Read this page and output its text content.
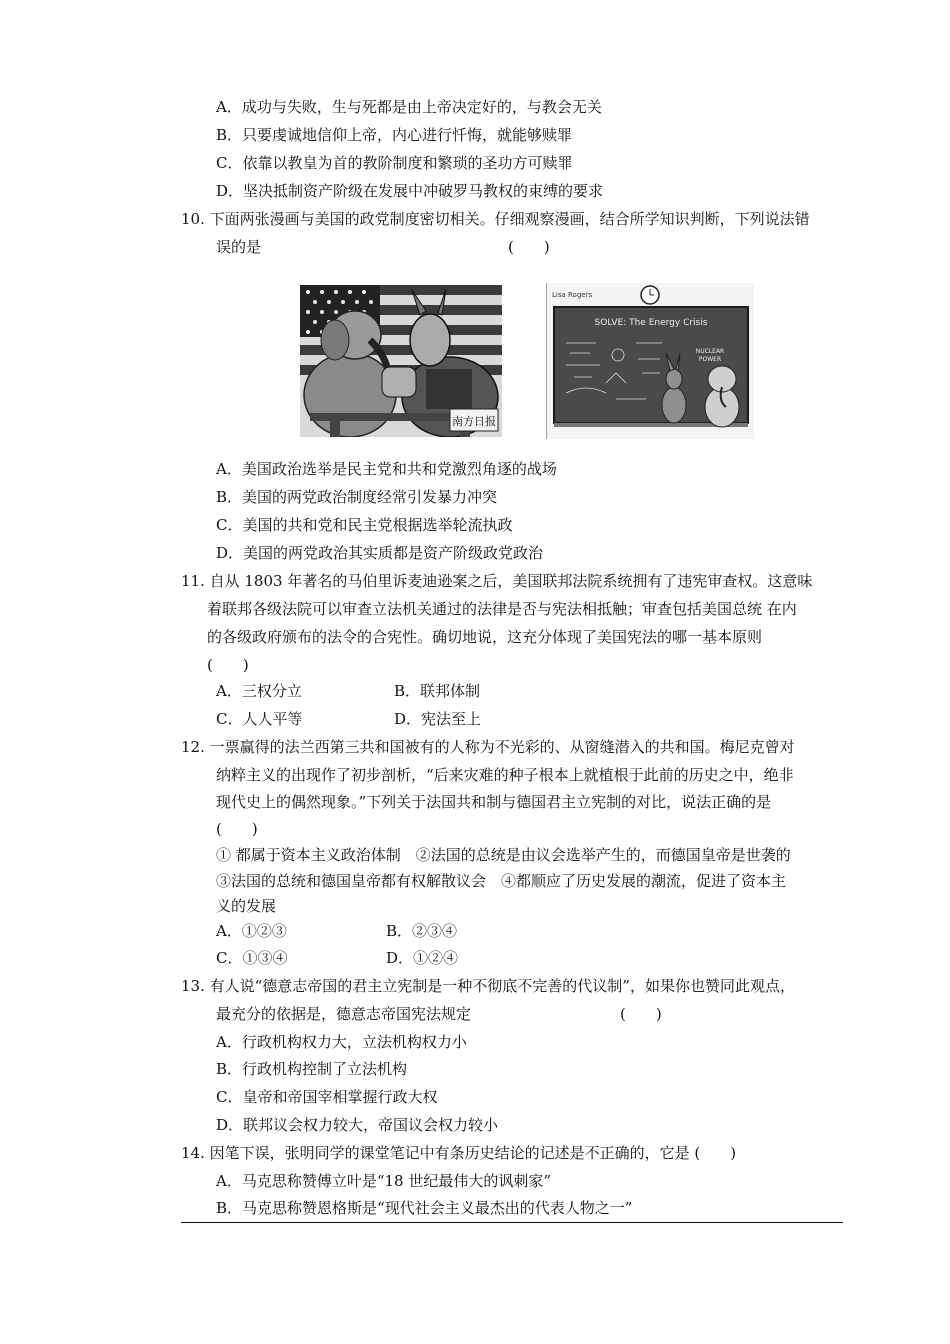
A．成功与失败，生与死都是由上帝决定好的，与教会无关
B．只要虔诚地信仰上帝，内心进行忏悔，就能够赎罪
C．依靠以教皇为首的教阶制度和繁琐的圣功方可赎罪
D．坚决抵制资产阶级在发展中冲破罗马教权的束缚的要求
10. 下面两张漫画与美国的政党制度密切相关。仔细观察漫画，结合所学知识判断，下列说法错
误的是	(　　)
南方日报
Lisa Rogers
SOLVE: The Energy Crisis
NUCLEAR
POWER
A．美国政治选举是民主党和共和党激烈角逐的战场
B．美国的两党政治制度经常引发暴力冲突
C．美国的共和党和民主党根据选举轮流执政
D．美国的两党政治其实质都是资产阶级政党政治
11. 自从 1803 年著名的马伯里诉麦迪逊案之后，美国联邦法院系统拥有了违宪审查权。这意味
着联邦各级法院可以审查立法机关通过的法律是否与宪法相抵触；审查包括美国总统 在内
的各级政府颁布的法令的合宪性。确切地说，这充分体现了美国宪法的哪一基本原则
(　　)
A．三权分立	B．联邦体制
C．人人平等	D．宪法至上
12. 一票赢得的法兰西第三共和国被有的人称为不光彩的、从窗缝潜入的共和国。梅尼克曾对
纳粹主义的出现作了初步剖析，“后来灾难的种子根本上就植根于此前的历史之中，绝非
现代史上的偶然现象。”下列关于法国共和制与德国君主立宪制的对比，说法正确的是
(　　)
① 都属于资本主义政治体制　②法国的总统是由议会选举产生的，而德国皇帝是世袭的
③法国的总统和德国皇帝都有权解散议会　④都顺应了历史发展的潮流，促进了资本主
义的发展
A．①②③	B．②③④
C．①③④	D．①②④
13. 有人说“德意志帝国的君主立宪制是一种不彻底不完善的代议制”，如果你也赞同此观点，
最充分的依据是，德意志帝国宪法规定	(　　)
A．行政机构权力大，立法机构权力小
B．行政机构控制了立法机构
C．皇帝和帝国宰相掌握行政大权
D．联邦议会权力较大，帝国议会权力较小
14. 因笔下误，张明同学的课堂笔记中有条历史结论的记述是不正确的，它是 (　　)
A．马克思称赞傅立叶是“18 世纪最伟大的讽刺家”
B．马克思称赞恩格斯是“现代社会主义最杰出的代表人物之一”
